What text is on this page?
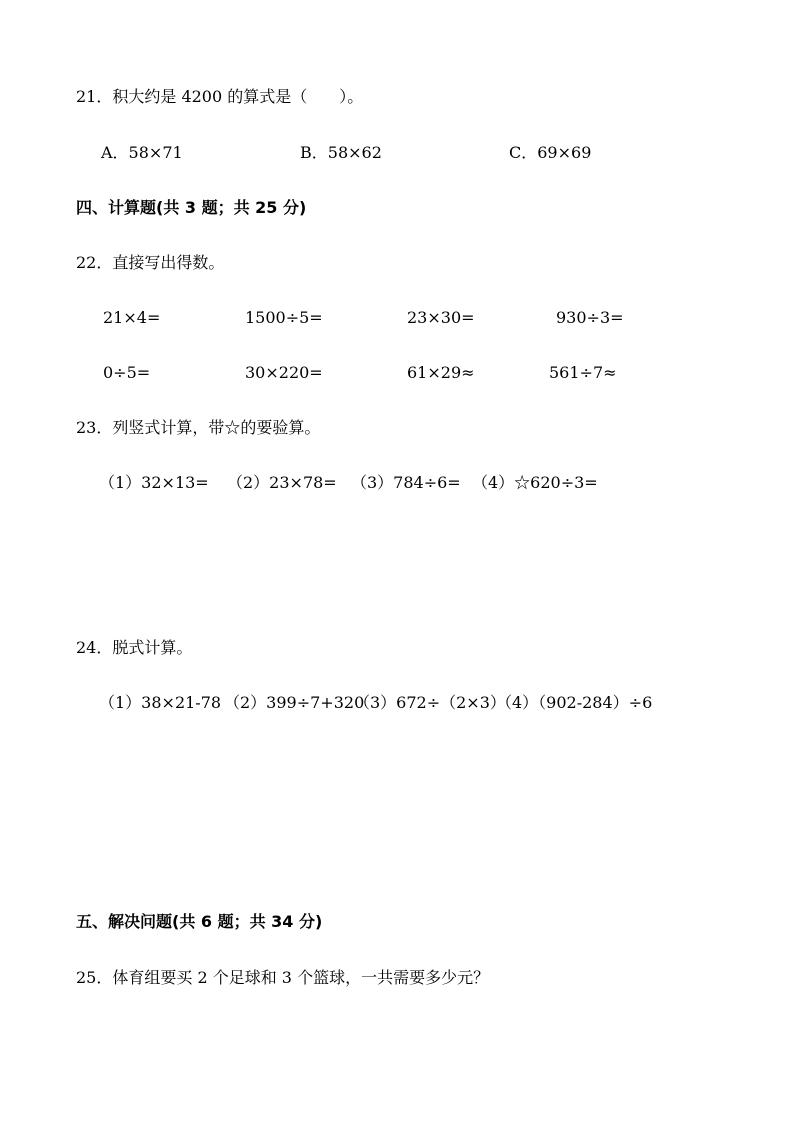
21．积大约是 4200 的算式是（　　）。
A．58×71	B．58×62	C．69×69
四、计算题(共 3 题；共 25 分)
22．直接写出得数。
21×4=	1500÷5=	23×30=	930÷3=
0÷5=	30×220=	61×29≈	561÷7≈
23．列竖式计算，带☆的要验算。
（1）32×13= （2）23×78= （3）784÷6= （4）☆620÷3=
24．脱式计算。
（1）38×21-78 （2）399÷7+320
（3）672÷（2×3）
（4）（902-284）÷6
五、解决问题(共 6 题；共 34 分)
25．体育组要买 2 个足球和 3 个篮球，一共需要多少元？
